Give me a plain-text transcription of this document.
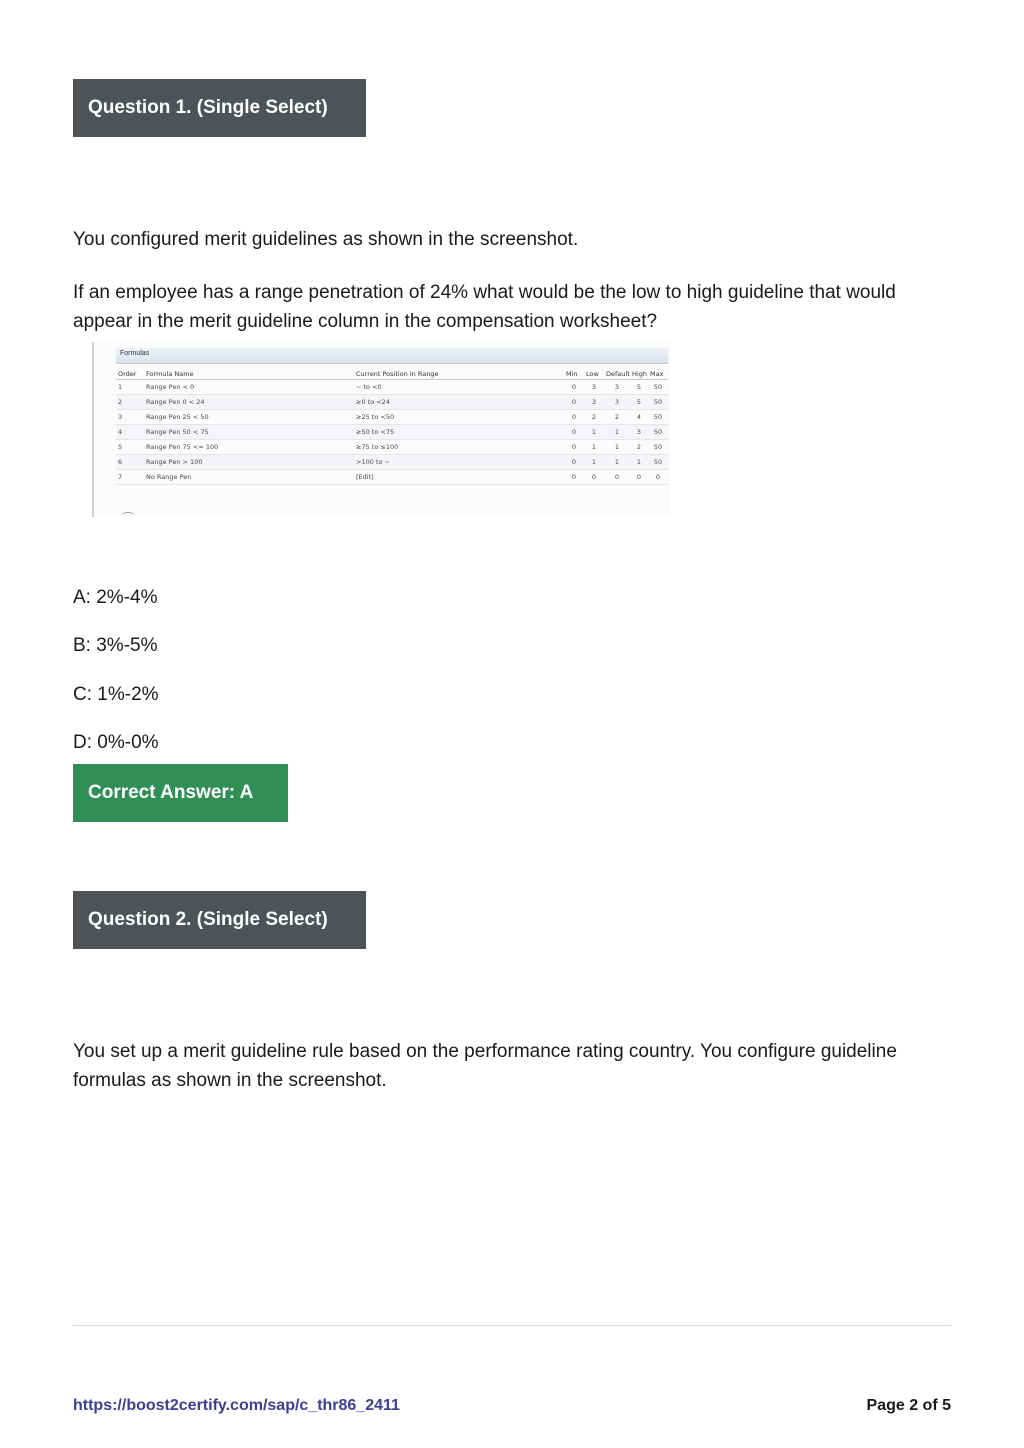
Question 1. (Single Select)

You configured merit guidelines as shown in the screenshot.

If an employee has a range penetration of 24% what would be the low to high guideline that would appear in the merit guideline column in the compensation worksheet?

Formulas
Order	Formula Name	Current Position in Range	Min	Low	Default	High	Max
1	Range Pen < 0	~ to <0	0	3	3	5	50
2	Range Pen 0 < 24	≥0 to <24	0	3	3	5	50
3	Range Pen 25 < 50	≥25 to <50	0	2	2	4	50
4	Range Pen 50 < 75	≥50 to <75	0	1	1	3	50
5	Range Pen 75 <= 100	≥75 to ≤100	0	1	1	2	50
6	Range Pen > 100	>100 to ~	0	1	1	1	50
7	No Range Pen	[Edit]	0	0	0	0	0
A: 2%-4%
B: 3%-5%
C: 1%-2%
D: 0%-0%
Correct Answer: A
Question 2. (Single Select)

You set up a merit guideline rule based on the performance rating country. You configure guideline formulas as shown in the screenshot.

https://boost2certify.com/sap/c_thr86_2411	Page 2 of 5
